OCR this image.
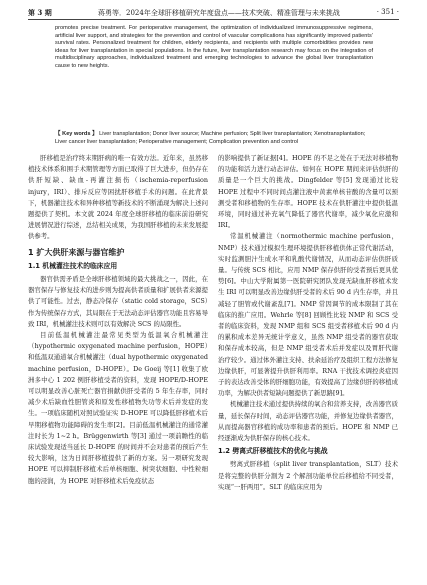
第 3 期	蒋勇等．2024年全球肝移植研究年度盘点——技术突破、精准管理与未来挑战	· 351 ·
promotes precise treatment. For perioperative management, the optimization of individualized immunosuppressive regimens, artificial liver support, and strategies for the prevention and control of vascular complications has significantly improved patients’ survival rates. Personalized treatment for children, elderly recipients, and recipients with multiple comorbidities provides new ideas for liver transplantation in special populations. In the future, liver transplantation research may focus on the integration of multidisciplinary approaches, individualized treatment and emerging technologies to advance the global liver transplantation cause to new heights.
【 Key words 】 Liver transplantation; Donor liver source; Machine perfusion; Split liver transplantation; Xenotransplantation; Liver cancer liver transplantation; Perioperative management; Complication prevention and control

肝移植是治疗终末期肝病的唯一有效方法。近年来，虽然移植技术体系和围手术期管理等方面已取得了巨大进步，但仍存在供肝短缺、缺血-再灌注损伤（ischemia-reperfusion injury，IRI）、排斥反应等困扰肝移植手术的问题。在此背景下，机器灌注技术和异种移植等新技术的不断涌现为解决上述问题提供了契机。本文就 2024 年度全球肝移植的临床前沿研究进展情况进行综述，总结相关成果，为我国肝移植的未来发展提供参考。

1 扩大供肝来源与器官维护
1.1 机械灌注技术的临床应用

器官供需矛盾是全球肝移植领域的最大挑战之一，因此，在器官保存与修复技术的进步则为提高供者质量和扩展供者来源提供了可能性。过去，静态冷保存（static cold storage，SCS）作为传统保存方式，其局限在于无法动态评估器官功能且容易导致 IRI，机械灌注技术则可以有效解决 SCS 的局限性。

目前低温机械灌注最常见类型为低温氧合机械灌注（hypothermic oxygenated machine perfusion，HOPE）和低温双通道氧合机械灌注（dual hypothermic oxygenated machine perfusion，D-HOPE）。De Goeij 等[1] 收集了欧洲多中心 1 202 例肝移植受者的资料，发现 HOPE/D-HOPE 可以明显改善心脏死亡器官捐献供肝受者的 5 年生存率，同时减少术后缺血性胆管炎和原发性移植物失功等术后并发症的发生。一项临床随机对照试验证实 D-HOPE 可以降低肝移植术后早期移植物功能障碍的发生率[2]。目前低温机械灌注的通常灌注时长为 1~2 h。Brüggenwirth 等[3] 通过一项前瞻性的临床试验发现适当延长 D-HOPE 的时间并不会对患者的预后产生较大影响，这为日间肝移植提供了新的方案。另一项研究发现 HOPE 可以抑制肝移植术后单核细胞、树突状细胞、中性粒细胞的浸润，为 HOPE 对肝移植术后免疫状态

的影响提供了新证据[4]。HOPE 的不足之处在于无法对移植物的功能和活力进行动态评估。如何在 HOPE 期间来评估供肝的质量是一个巨大的挑战。Dingfelder 等[5] 发现通过比较 HOPE 过程中不同时间点灌注液中黄素单核苷酸的含量可以预测受者和移植物的生存率。HOPE 技术在供肝灌注中提供低温环境，同时通过补充氧气降低了器官代谢率，减少氧化应激和 IRI。

常温机械灌注（normothermic machine perfusion，NMP）技术通过模拟生理环境提供肝移植供体正常代谢活动，实时监测胆汁生成水平和乳酸代谢情况，从而动态评估供肝质量。与传统 SCS 相比，应用 NMP 保存供肝的受者预后更具优势[6]。中山大学附属第一医院研究团队发现无缺血肝移植术发生 IRI 可以明显改善边缘供肝受者的术后 90 d 内生存率，并且减轻了胆管或代谢紊乱[7]。NMP 常因调节的成本限制了其在临床的推广应用。Wehrle 等[8] 回顾性比较 NMP 和 SCS 受者的临床资料，发现 NMP 组和 SCS 组受者移植术后 90 d 内的累积成本差异无统计学意义，虽然 NMP 组受者的器官获取和保存成本较高，但是 NMP 组受者术后并发症以及胃肝代谢治疗较少。通过体外灌注支持、扶余延治疗及组织工程方法修复边缘供肝，可显著提升供肝利用率。RNA 干扰技术调控炎症因子的表达改善受体的肝细胞功能，有效提高了边缘供肝的移植成功率，为解决供者短缺问题提供了新思路[9]。

机械灌注技术通过提供持续的氧合和营养支持，改善器官质量，延长保存时间，动态评估器官功能，并修复边缘供者器官，从而提高器官移植的成功率和患者的预后。HOPE 和 NMP 已经逐渐成为供肝保存的核心技术。

1.2 劈离式肝移植技术的优化与挑战

劈离式肝移植（split liver transplantation，SLT）技术是将完整的供肝分割为 2 个解剖功能单位后移植给不同受者，实现“一肝两用”。SLT 的临床应用为
